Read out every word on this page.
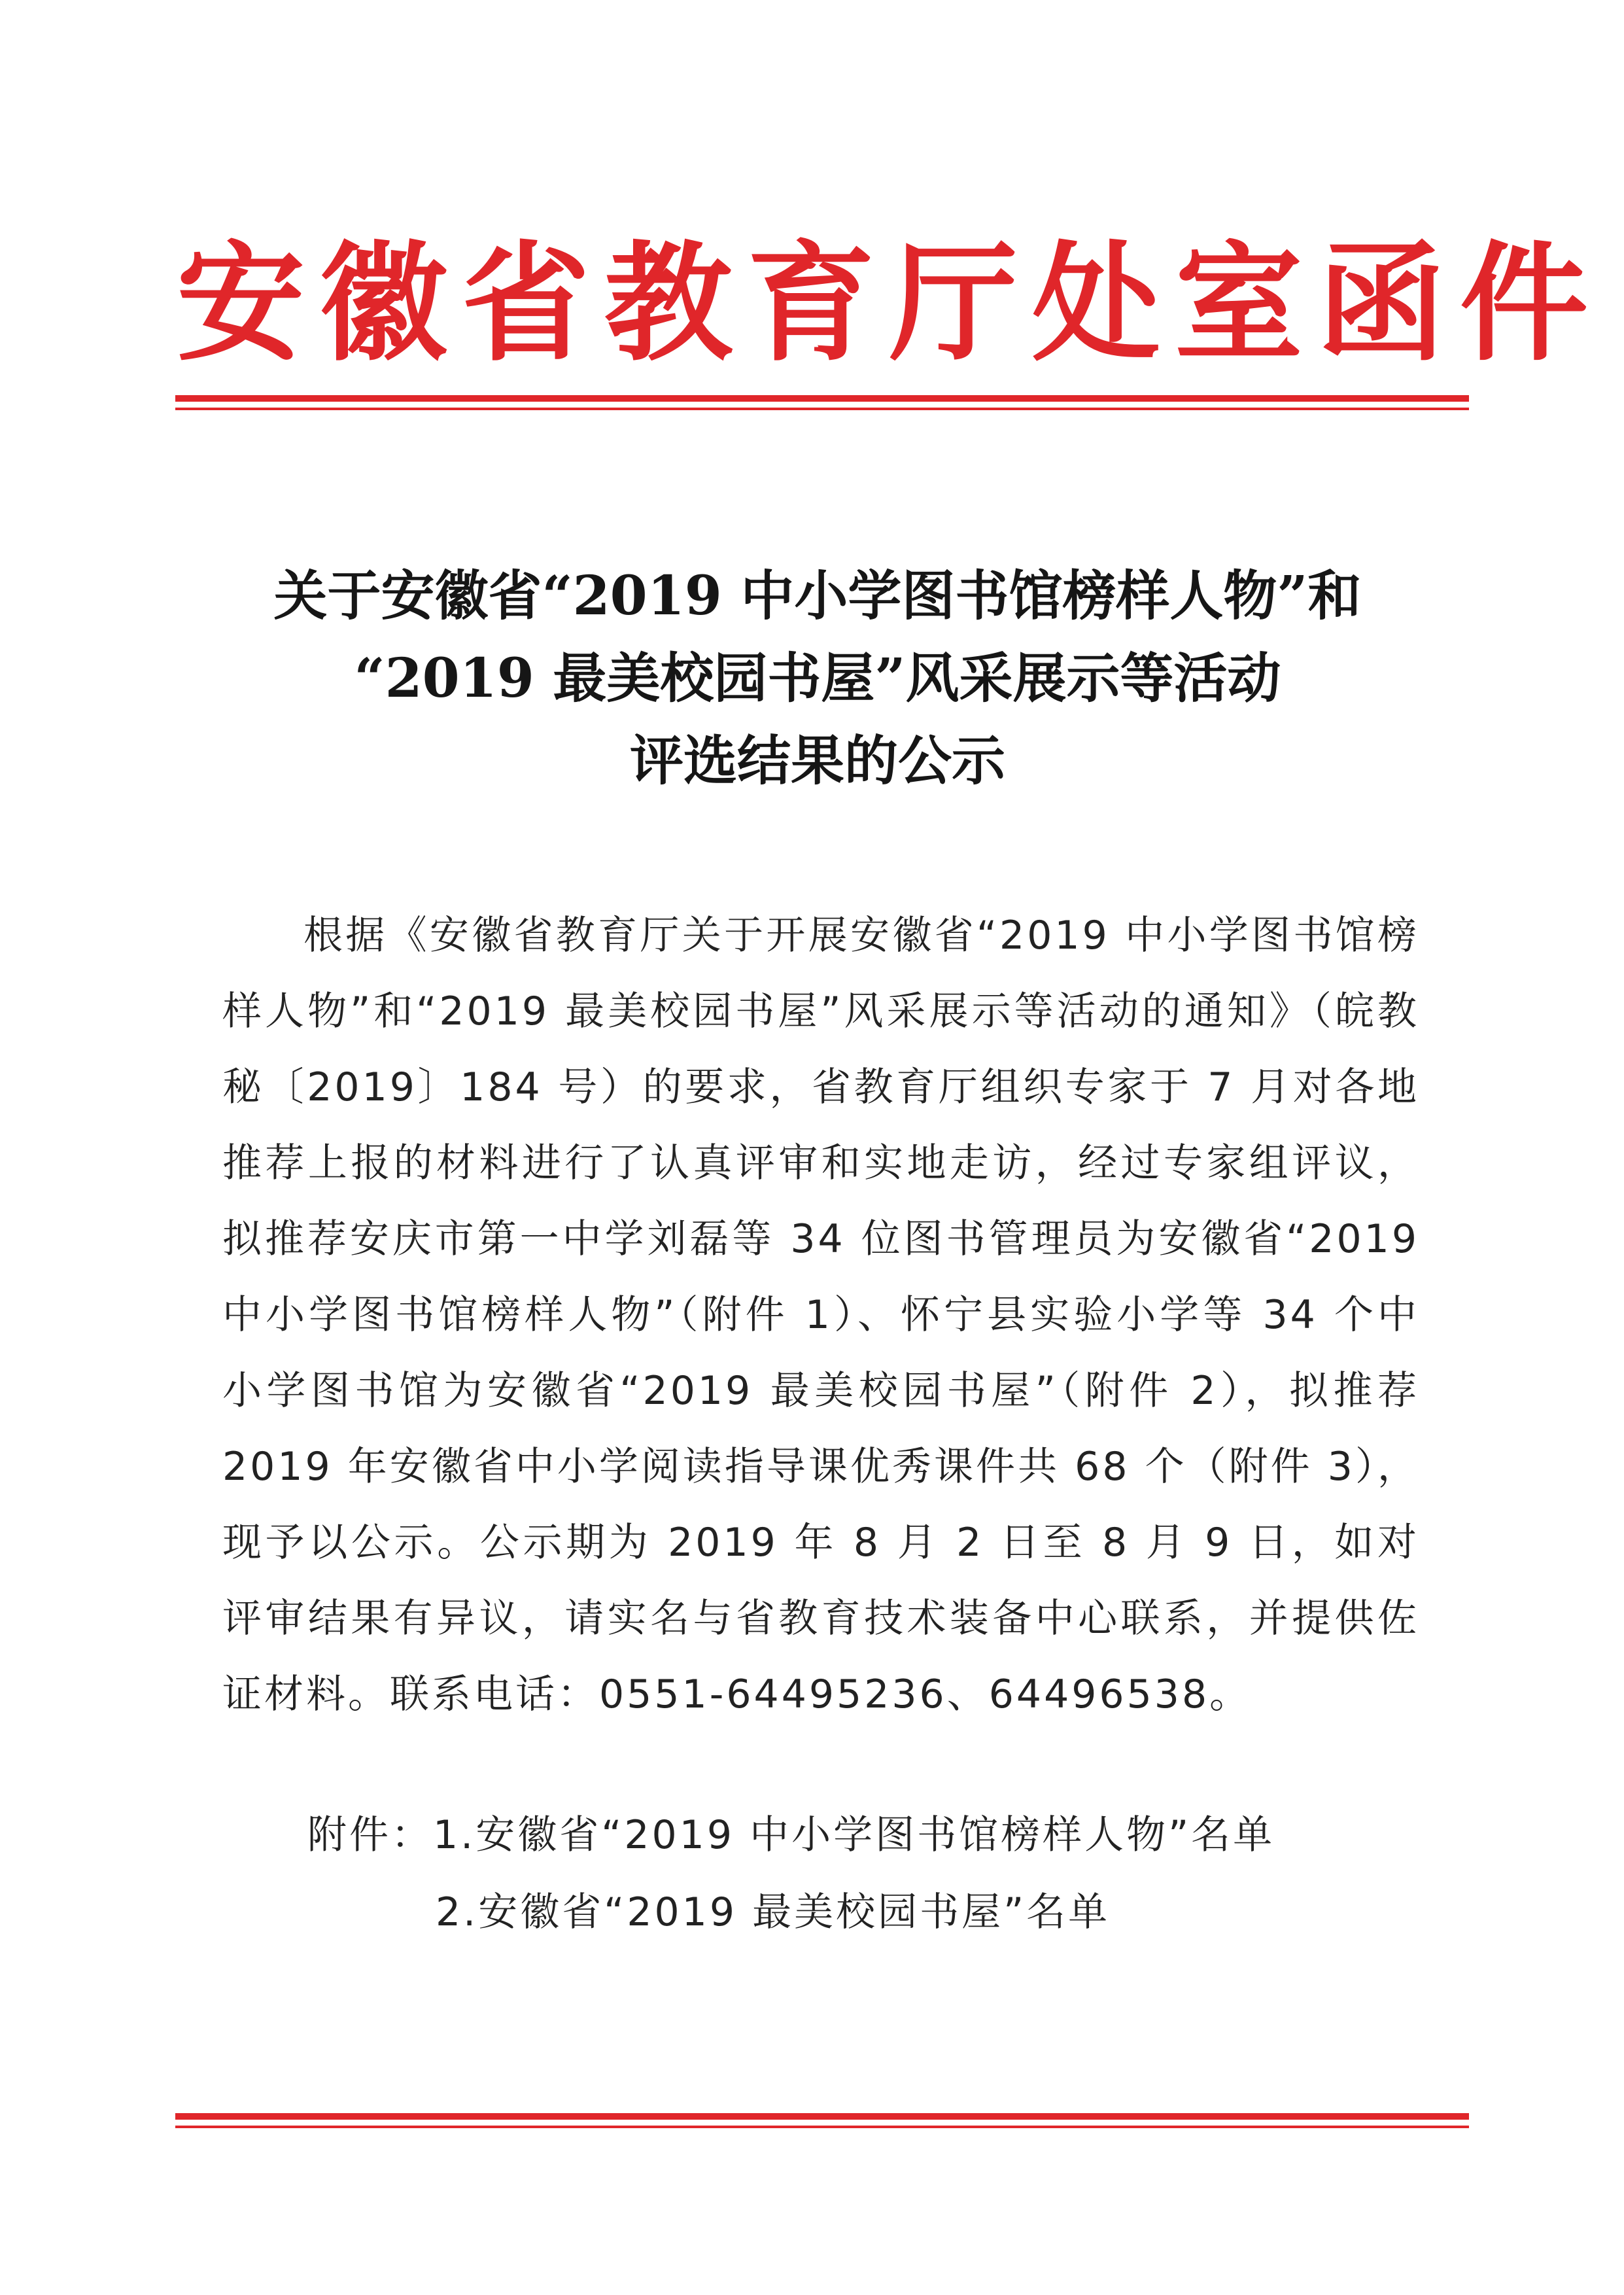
安徽省教育厅处室函件
关于安徽省“2019 中小学图书馆榜样人物”和
“2019 最美校园书屋”风采展示等活动
评选结果的公示
根据《安徽省教育厅关于开展安徽省“2019 中小学图书馆榜样人物”和“2019 最美校园书屋”风采展示等活动的通知》（皖教秘〔2019〕184 号）的要求，省教育厅组织专家于 7 月对各地推荐上报的材料进行了认真评审和实地走访，经过专家组评议，拟推荐安庆市第一中学刘磊等 34 位图书管理员为安徽省“2019 中小学图书馆榜样人物”（附件 1）、怀宁县实验小学等 34 个中小学图书馆为安徽省“2019 最美校园书屋”（附件 2），拟推荐 2019 年安徽省中小学阅读指导课优秀课件共 68 个（附件 3），现予以公示。公示期为 2019 年 8 月 2 日至 8 月 9 日，如对评审结果有异议，请实名与省教育技术装备中心联系，并提供佐证材料。联系电话：0551-64495236、64496538。
附件：1.安徽省“2019 中小学图书馆榜样人物”名单
2.安徽省“2019 最美校园书屋”名单
